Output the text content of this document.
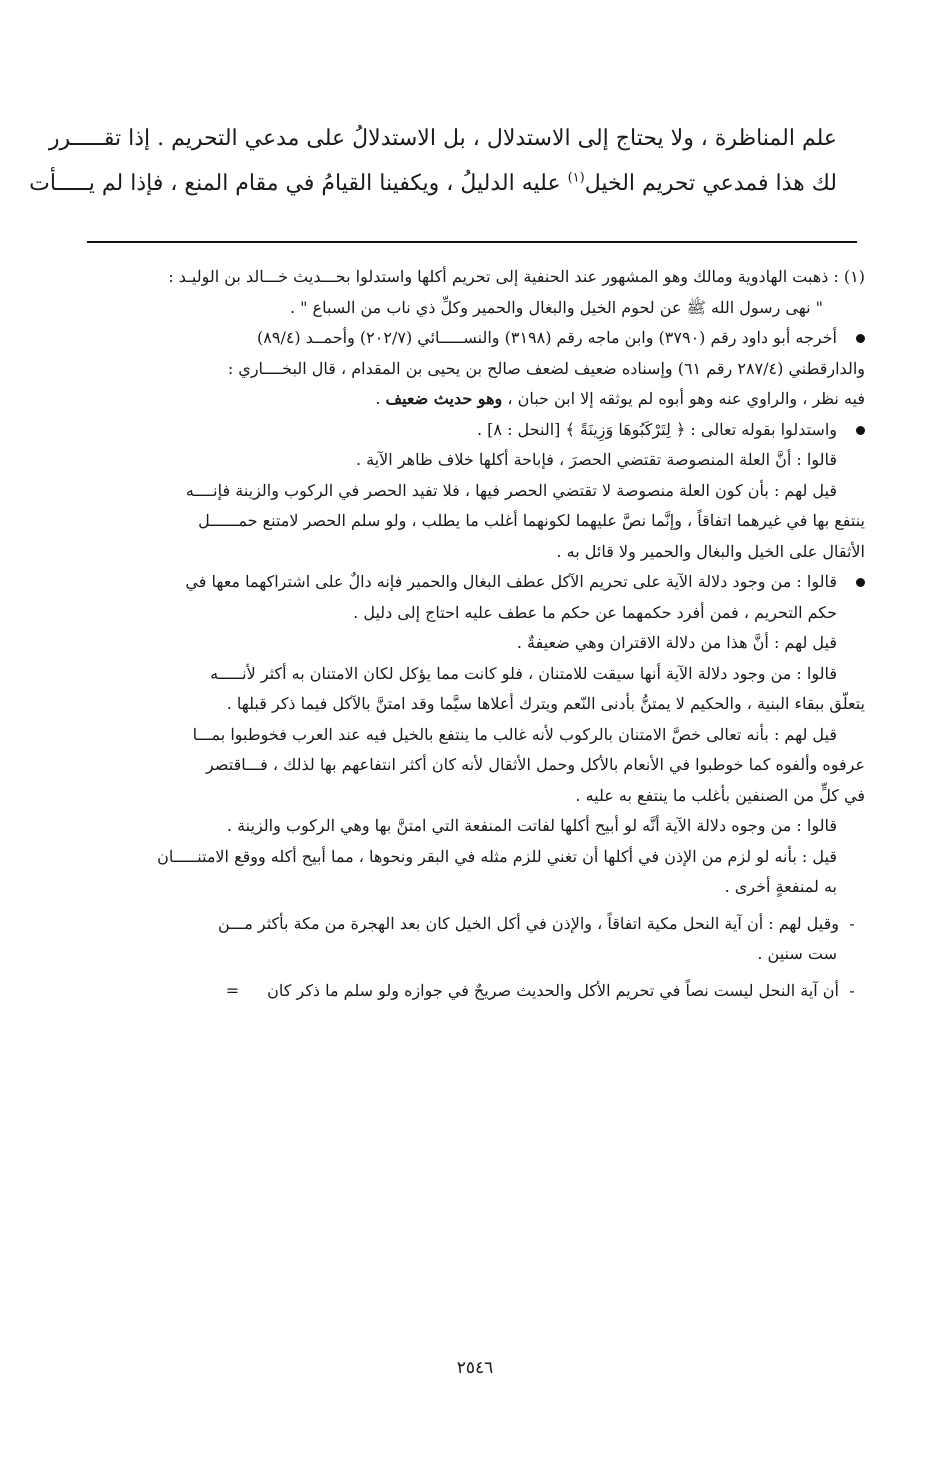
علم المناظرة ، ولا يحتاج إلى الاستدلال ، بل الاستدلالُ على مدعي التحريم . إذا تقـــــرر
لك هذا فمدعي تحريم الخيل$^{(١)}$ عليه الدليلُ ، ويكفينا القيامُ في مقام المنع ، فإذا لم يـــــأت
(١) : ذهبت الهادوية ومالك وهو المشهور عند الحنفية إلى تحريم أكلها واستدلوا بحـــديث خـــالد بن الوليـد :
" نهى رسول الله ﷺ عن لحوم الخيل والبغال والحمير وكلِّ ذي ناب من السباع " .
أخرجه أبو داود رقم (٣٧٩٠) وابن ماجه رقم (٣١٩٨) والنســـــائي (٢٠٢/٧) وأحمــد (٨٩/٤)
والدارقطني (٢٨٧/٤ رقم ٦١) وإسناده ضعيف لضعف صالح بن يحيى بن المقدام ، قال البخــــاري :
فيه نظر ، والراوي عنه وهو أبوه لم يوثقه إلا ابن حبان ، وهو حديث ضعيف .
واستدلوا بقوله تعالى : ﴿ لِتَرْكَبُوهَا وَزِينَةً ﴾ [النحل : ٨] .
قالوا : أنَّ العلة المنصوصة تقتضي الحصرَ ، فإباحة أكلها خلاف ظاهر الآية .
قيل لهم : بأن كون العلة منصوصة لا تقتضي الحصر فيها ، فلا تفيد الحصر في الركوب والزينة فإنــــه
ينتفع بها في غيرهما اتفاقاً ، وإنَّما نصَّ عليهما لكونهما أغلب ما يطلب ، ولو سلم الحصر لامتنع حمــــــل
الأثقال على الخيل والبغال والحمير ولا قائل به .
قالوا : من وجود دلالة الآية على تحريم الآكل عطف البغال والحمير فإنه دالٌ على اشتراكهما معها في
حكم التحريم ، فمن أفرد حكمهما عن حكم ما عطف عليه احتاج إلى دليل .
قيل لهم : أنَّ هذا من دلالة الاقتران وهي ضعيفةٌ .
قالوا : من وجود دلالة الآية أنها سيقت للامتنان ، فلو كانت مما يؤكل لكان الامتنان به أكثر لأنـــــه
يتعلّق ببقاء البنية ، والحكيم لا يمتنُّ بأدنى النّعم ويترك أعلاها سيَّما وقد امتنَّ بالآكل فيما ذكر قبلها .
قيل لهم : بأنه تعالى خصَّ الامتنان بالركوب لأنه غالب ما ينتفع بالخيل فيه عند العرب فخوطبوا بمـــا
عرفوه وألفوه كما خوطبوا في الأنعام بالأكل وحمل الأثقال لأنه كان أكثر انتفاعهم بها لذلك ، فـــاقتصر
في كلٍّ من الصنفين بأغلب ما ينتفع به عليه .
قالوا : من وجوه دلالة الآية أنَّه لو أبيح أكلها لفاتت المنفعة التي امتنَّ بها وهي الركوب والزينة .
قيل : بأنه لو لزم من الإذن في أكلها أن تغني للزم مثله في البقر ونحوها ، مما أبيح أكله ووقع الامتنـــــان
به لمنفعةٍ أخرى .
-وقيل لهم : أن آية النحل مكية اتفاقاً ، والإذن في أكل الخيل كان بعد الهجرة من مكة بأكثر مـــن
ست سنين .
-أن آية النحل ليست نصاً في تحريم الأكل والحديث صريحٌ في جوازه ولو سلم ما ذكر كان=
٢٥٤٦
